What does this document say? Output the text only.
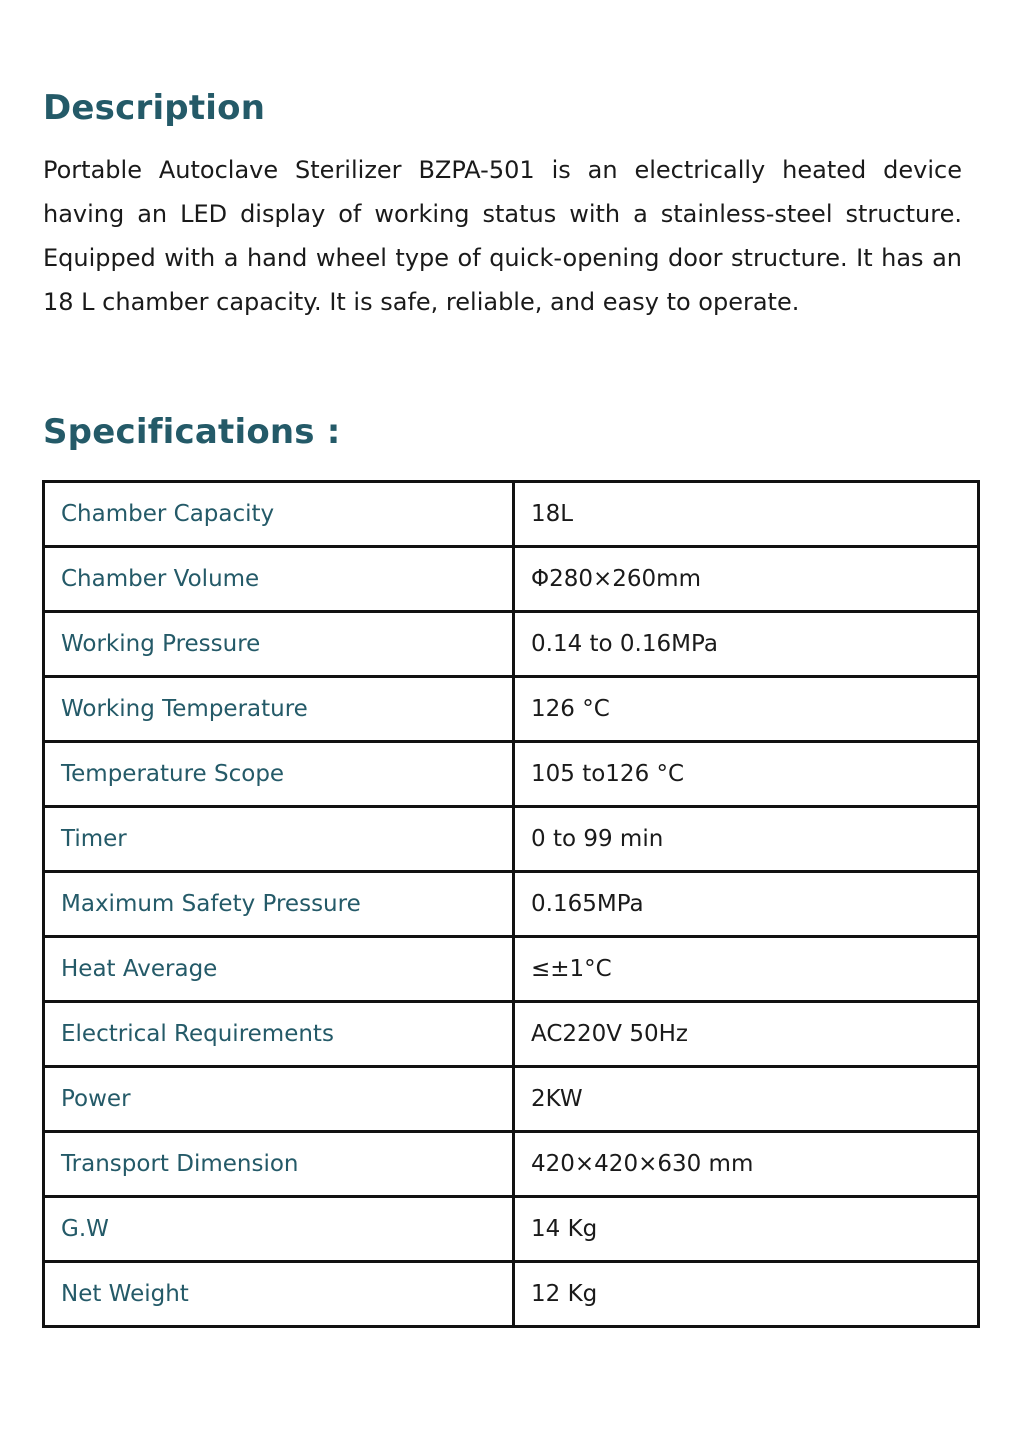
Description

Portable Autoclave Sterilizer BZPA-501 is an electrically heated device having an LED display of working status with a stainless-steel structure. Equipped with a hand wheel type of quick-opening door structure. It has an 18 L chamber capacity. It is safe, reliable, and easy to operate.

Specifications :
Chamber Capacity	18L
Chamber Volume	Φ280×260mm
Working Pressure	0.14 to 0.16MPa
Working Temperature	126 °C
Temperature Scope	105 to126 °C
Timer	0 to 99 min
Maximum Safety Pressure	0.165MPa
Heat Average	≤±1°C
Electrical Requirements	AC220V 50Hz
Power	2KW
Transport Dimension	420×420×630 mm
G.W	14 Kg
Net Weight	12 Kg
